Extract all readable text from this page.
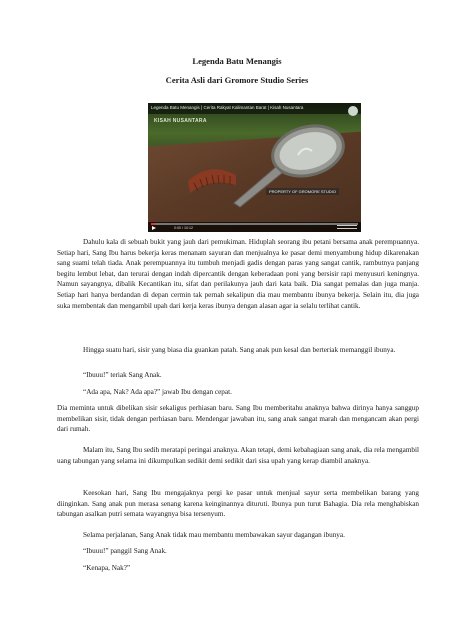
Legenda Batu Menangis
Cerita Asli dari Gromore Studio Series
Legenda Batu Menangis | Cerita Rakyat Kalimantan Barat | Kisah Nusantara
KISAH NUSANTARA
PROPERTY OF GROMORE STUDIO
0:00 / 10:12

Dahulu kala di sebuah bukit yang jauh dari pemukiman. Hiduplah seorang ibu petani bersama anak perempuannya. Setiap hari, Sang Ibu harus bekerja keras menanam sayuran dan menjualnya ke pasar demi menyambung hidup dikarenakan sang suami telah tiada. Anak perempuannya itu tumbuh menjadi gadis dengan paras yang sangat cantik, rambutnya panjang begitu lembut lebat, dan terurai dengan indah dipercantik dengan keberadaan poni yang bersisir rapi menyusuri keningnya. Namun sayangnya, dibalik Kecantikan itu, sifat dan perilakunya jauh dari kata baik. Dia sangat pemalas dan juga manja. Setiap hari hanya berdandan di depan cermin tak pernah sekalipun dia mau membantu ibunya bekerja. Selain itu, dia juga suka membentak dan mengambil upah dari kerja keras ibunya dengan alasan agar ia selalu terlihat cantik.

Hingga suatu hari, sisir yang biasa dia guankan patah. Sang anak pun kesal dan berteriak memanggil ibunya.

“Ibuuu!” teriak Sang Anak.

“Ada apa, Nak? Ada apa?” jawab Ibu dengan cepat.

Dia meminta untuk dibelikan sisir sekaligus perhiasan baru. Sang Ibu memberitahu anaknya bahwa dirinya hanya sanggup membelikan sisir, tidak dengan perhiasan baru. Mendengar jawaban itu, sang anak sangat marah dan mengancam akan pergi dari rumah.

Malam itu, Sang Ibu sedih meratapi peringai anaknya. Akan tetapi, demi kebahagiaan sang anak, dia rela mengambil uang tabungan yang selama ini dikumpulkan sedikit demi sedikit dari sisa upah yang kerap diambil anaknya.

Keesokan hari, Sang Ibu mengajaknya pergi ke pasar untuk menjual sayur serta membelikan barang yang diinginkan. Sang anak pun merasa senang karena keinginannya dituruti. Ibunya pun turut Bahagia. Dia rela menghabiskan tabungan asalkan putri semata wayangnya bisa tersenyum.

Selama perjalanan, Sang Anak tidak mau membantu membawakan sayur dagangan ibunya.

“Ibuuu!” panggil Sang Anak.

“Kenapa, Nak?”
